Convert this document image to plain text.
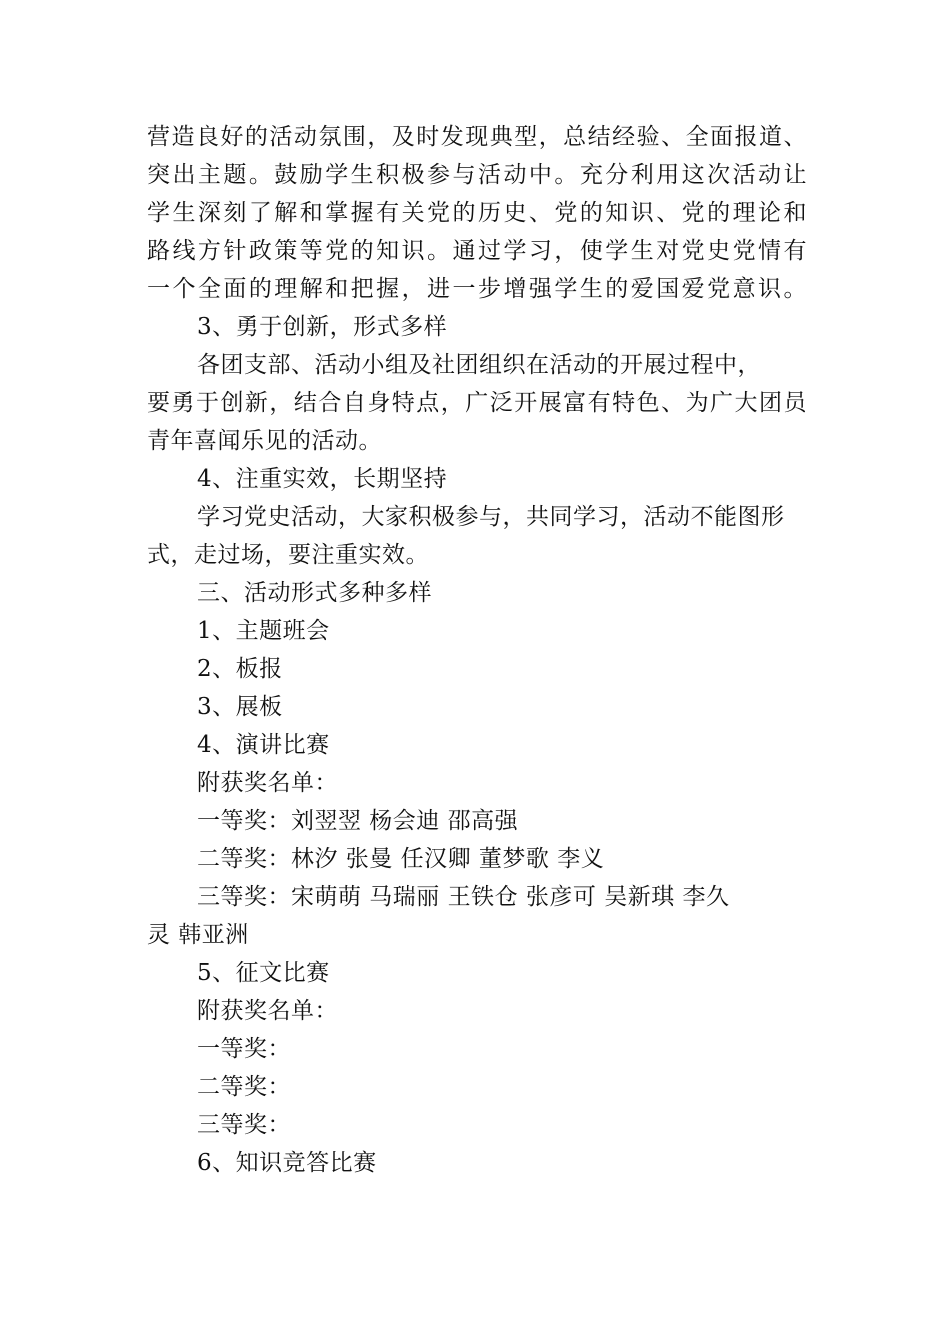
营造良好的活动氛围，及时发现典型，总结经验、全面报道、
突出主题。鼓励学生积极参与活动中。充分利用这次活动让
学生深刻了解和掌握有关党的历史、党的知识、党的理论和
路线方针政策等党的知识。通过学习，使学生对党史党情有
一个全面的理解和把握，进一步增强学生的爱国爱党意识。
3、勇于创新，形式多样
各团支部、活动小组及社团组织在活动的开展过程中，
要勇于创新，结合自身特点，广泛开展富有特色、为广大团员
青年喜闻乐见的活动。
4、注重实效，长期坚持
学习党史活动，大家积极参与，共同学习，活动不能图形
式，走过场，要注重实效。
三、活动形式多种多样
1、主题班会
2、板报
3、展板
4、演讲比赛
附获奖名单：
一等奖：刘翌翌 杨会迪 邵高强
二等奖：林汐 张曼 任汉卿 董梦歌 李义
三等奖：宋萌萌 马瑞丽 王铁仓 张彦可 吴新琪 李久
灵 韩亚洲
5、征文比赛
附获奖名单：
一等奖：
二等奖：
三等奖：
6、知识竞答比赛
